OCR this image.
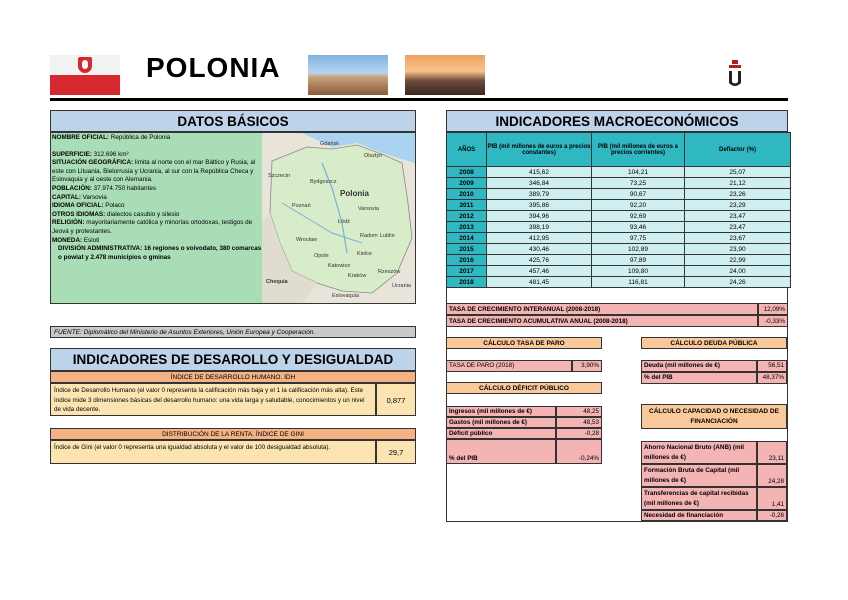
POLONIA
DATOS BÁSICOS
NOMBRE OFICIAL: República de Polonia
SUPERFICIE: 312.696 km²
SITUACIÓN GEOGRÁFICA: limita al norte con el mar Báltico y Rusia, al este con Lituania, Bielorrusia y Ucrania, al sur con la República Checa y Eslovaquia y al oeste con Alemania.
POBLACIÓN: 37.974.750 habitantes
CAPITAL: Varsovia
IDIOMA OFICIAL: Polaco
OTROS IDIOMAS: dialectos casubio y silesio
RELIGIÓN: mayoritariamente católica y minorías ortodoxas, testigos de Jeová y protestantes.
MONEDA: Esloti
DIVISIÓN ADMINISTRATIVA: 16 regiones o voivodato, 380 comarcas o powiat y 2.478 municipios o gminas
Gdańsk
Olsztyn
Polonia
Bydgoszcz
Szczecin
Poznań	Varsovia
Łódź
Lublin
Wrocław
Katowice
Kraków
Opole	Kielce
Radom
Rzeszów
Chequia
Eslovaquia
Ucrania
FUENTE: Diplomático del Ministerio de Asuntos Exteriores, Unión Europea y Cooperación.
INDICADORES DE DESAROLLO Y DESIGUALDAD
ÍNDICE DE DESARROLLO HUMANO. IDH
Índice de Desarrollo Humano (el valor 0 representa la calificación más baja y el 1 la calificación más alta). Este índice mide 3 dimensiones básicas del desarrollo humano: una vida larga y saludable, conocimientos y un nivel de vida decente.
0,877
DISTRIBUCIÓN DE LA RENTA. ÍNDICE DE GINI
Índice de Gini (el valor 0 representa una igualdad absoluta y el valor de 100 desigualdad absoluta).
29,7
INDICADORES MACROECONÓMICOS
AÑOS	PIB (mil millones de euros a precios constantes)	PIB (mil millones de euros a precios corrientes)	Deflactor (%)
2008	415,62	104,21	25,07
2009	346,84	73,25	21,12
2010	389,79	90,67	23,26
2011	395,86	92,20	23,29
2012	394,96	92,69	23,47
2013	398,19	93,46	23,47
2014	412,95	97,75	23,67
2015	430,46	102,89	23,90
2016	425,76	97,89	22,99
2017	457,46	109,80	24,00
2018	481,45	116,81	24,26
TASA DE CRECIMIENTO INTERANUAL (2008-2018)	12,09%
TASA DE CRECIMIENTO ACUMULATIVA ANUAL (2008-2018)	-0,33%
CÁLCULO TASA DE PARO
TASA DE PARO (2018)	3,90%
CÁLCULO DEUDA PÚBLICA
Deuda (mil millones de €)	56,51
% del PIB	48,37%
CÁLCULO DÉFICIT PÚBLICO
Ingresos (mil millones de €)	48,25
Gastos (mil millones de €)	48,53
Déficit público	-0,28
% del PIB	-0,24%
CÁLCULO CAPACIDAD O NECESIDAD DE FINANCIACIÓN
Ahorro Nacional Bruto (ANB) (mil millones de €)	23,11
Formación Bruta de Capital (mil millones de €)	24,28
Transferencias de capital recibidas (mil millones de €)	1,41
Necesidad de financiación	-0,26
